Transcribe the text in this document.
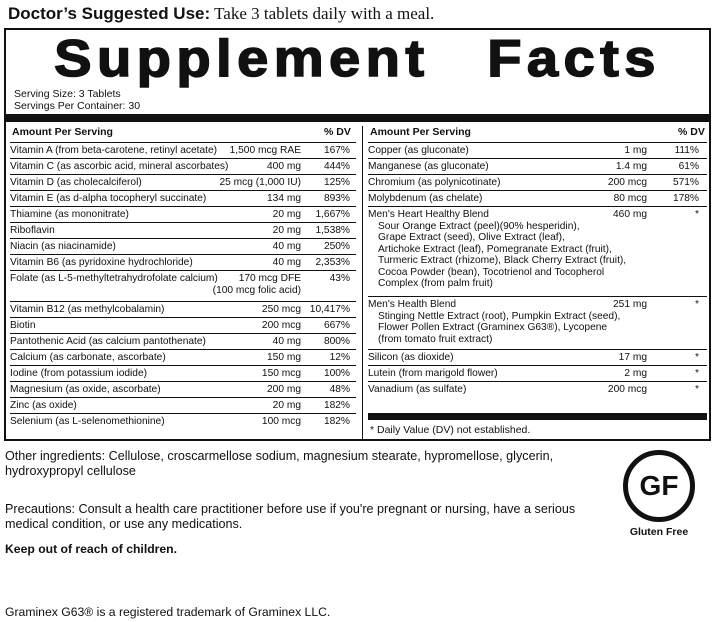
Doctor’s Suggested Use: Take 3 tablets daily with a meal.
Supplement Facts
Serving Size: 3 Tablets
Servings Per Container: 30
Amount Per Serving	% DV Amount Per Serving	% DV
Vitamin A (from beta-carotene, retinyl acetate) 1,500 mcg RAE 167%
Vitamin C (as ascorbic acid, mineral ascorbates)	400 mg 444%
Vitamin D (as cholecalciferol)	25 mcg (1,000 IU) 125%
Vitamin E (as d-alpha tocopheryl succinate)	134 mg 893%
Thiamine (as mononitrate)	20 mg 1,667%
Riboflavin	20 mg 1,538%
Niacin (as niacinamide)	40 mg 250%
Vitamin B6 (as pyridoxine hydrochloride)	40 mg 2,353%
Folate (as L-5-methyltetrahydrofolate calcium)	170 mcg DFE
(100 mcg folic acid)
43%
Vitamin B12 (as methylcobalamin)	250 mcg 10,417%
Biotin	200 mcg 667%
Pantothenic Acid (as calcium pantothenate)	40 mg 800%
Calcium (as carbonate, ascorbate)	150 mg	12%
Iodine (from potassium iodide)	150 mcg 100%
Magnesium (as oxide, ascorbate)	200 mg	48%
Zinc (as oxide)	20 mg 182%
Selenium (as L-selenomethionine)	100 mcg 182%
Copper (as gluconate)	1 mg	111%
Manganese (as gluconate)	1.4 mg	61%
Chromium (as polynicotinate)	200 mcg	571%
Molybdenum (as chelate)	80 mcg	178%
Men's Heart Healthy Blend	460 mg	*
Sour Orange Extract (peel)(90% hesperidin),
Grape Extract (seed), Olive Extract (leaf),
Artichoke Extract (leaf), Pomegranate Extract (fruit),
Turmeric Extract (rhizome), Black Cherry Extract (fruit),
Cocoa Powder (bean), Tocotrienol and Tocopherol
Complex (from palm fruit)
Men's Health Blend	251 mg	*
Stinging Nettle Extract (root), Pumpkin Extract (seed),
Flower Pollen Extract (Graminex G63®), Lycopene
(from tomato fruit extract)
Silicon (as dioxide)	17 mg	*
Lutein (from marigold flower)	2 mg	*
Vanadium (as sulfate)	200 mcg	*
* Daily Value (DV) not established.
Other ingredients: Cellulose, croscarmellose sodium, magnesium stearate, hypromellose, glycerin, hydroxypropyl cellulose
Precautions: Consult a health care practitioner before use if you're pregnant or nursing, have a serious medical condition, or use any medications.
Keep out of reach of children.
Graminex G63® is a registered trademark of Graminex LLC.
GF
Gluten Free
